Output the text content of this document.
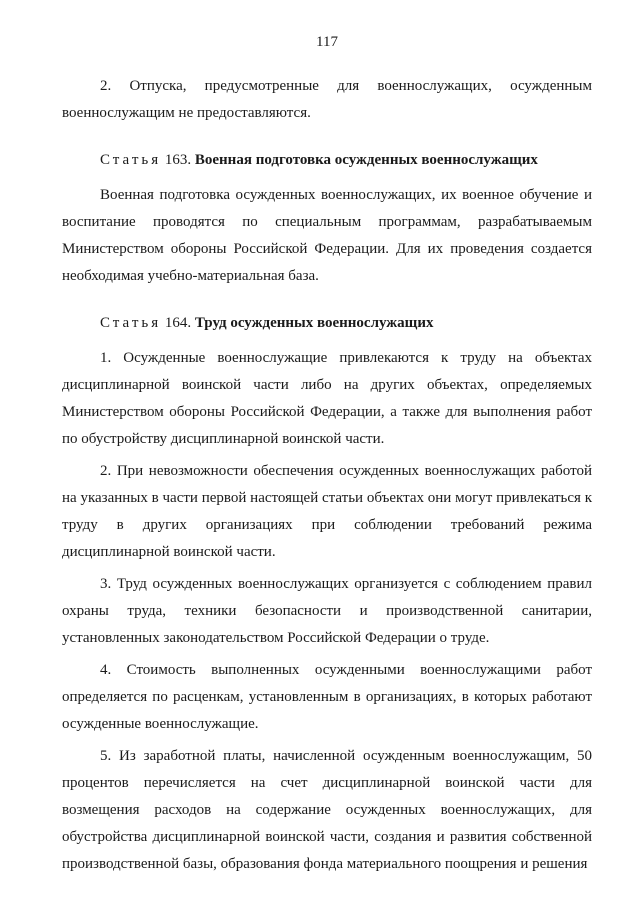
117

2. Отпуска, предусмотренные для военнослужащих, осужденным военнослужащим не предоставляются.

Статья 163. Военная подготовка осужденных военнослужащих

Военная подготовка осужденных военнослужащих, их военное обучение и воспитание проводятся по специальным программам, разрабатываемым Министерством обороны Российской Федерации. Для их проведения создается необходимая учебно-материальная база.

Статья 164. Труд осужденных военнослужащих

1. Осужденные военнослужащие привлекаются к труду на объектах дисциплинарной воинской части либо на других объектах, определяемых Министерством обороны Российской Федерации, а также для выполнения работ по обустройству дисциплинарной воинской части.

2. При невозможности обеспечения осужденных военнослужащих работой на указанных в части первой настоящей статьи объектах они могут привлекаться к труду в других организациях при соблюдении требований режима дисциплинарной воинской части.

3. Труд осужденных военнослужащих организуется с соблюдением правил охраны труда, техники безопасности и производственной санитарии, установленных законодательством Российской Федерации о труде.

4. Стоимость выполненных осужденными военнослужащими работ определяется по расценкам, установленным в организациях, в которых работают осужденные военнослужащие.

5. Из заработной платы, начисленной осужденным военнослужащим, 50 процентов перечисляется на счет дисциплинарной воинской части для возмещения расходов на содержание осужденных военнослужащих, для обустройства дисциплинарной воинской части, создания и развития собственной производственной базы, образования фонда материального поощрения и решения
